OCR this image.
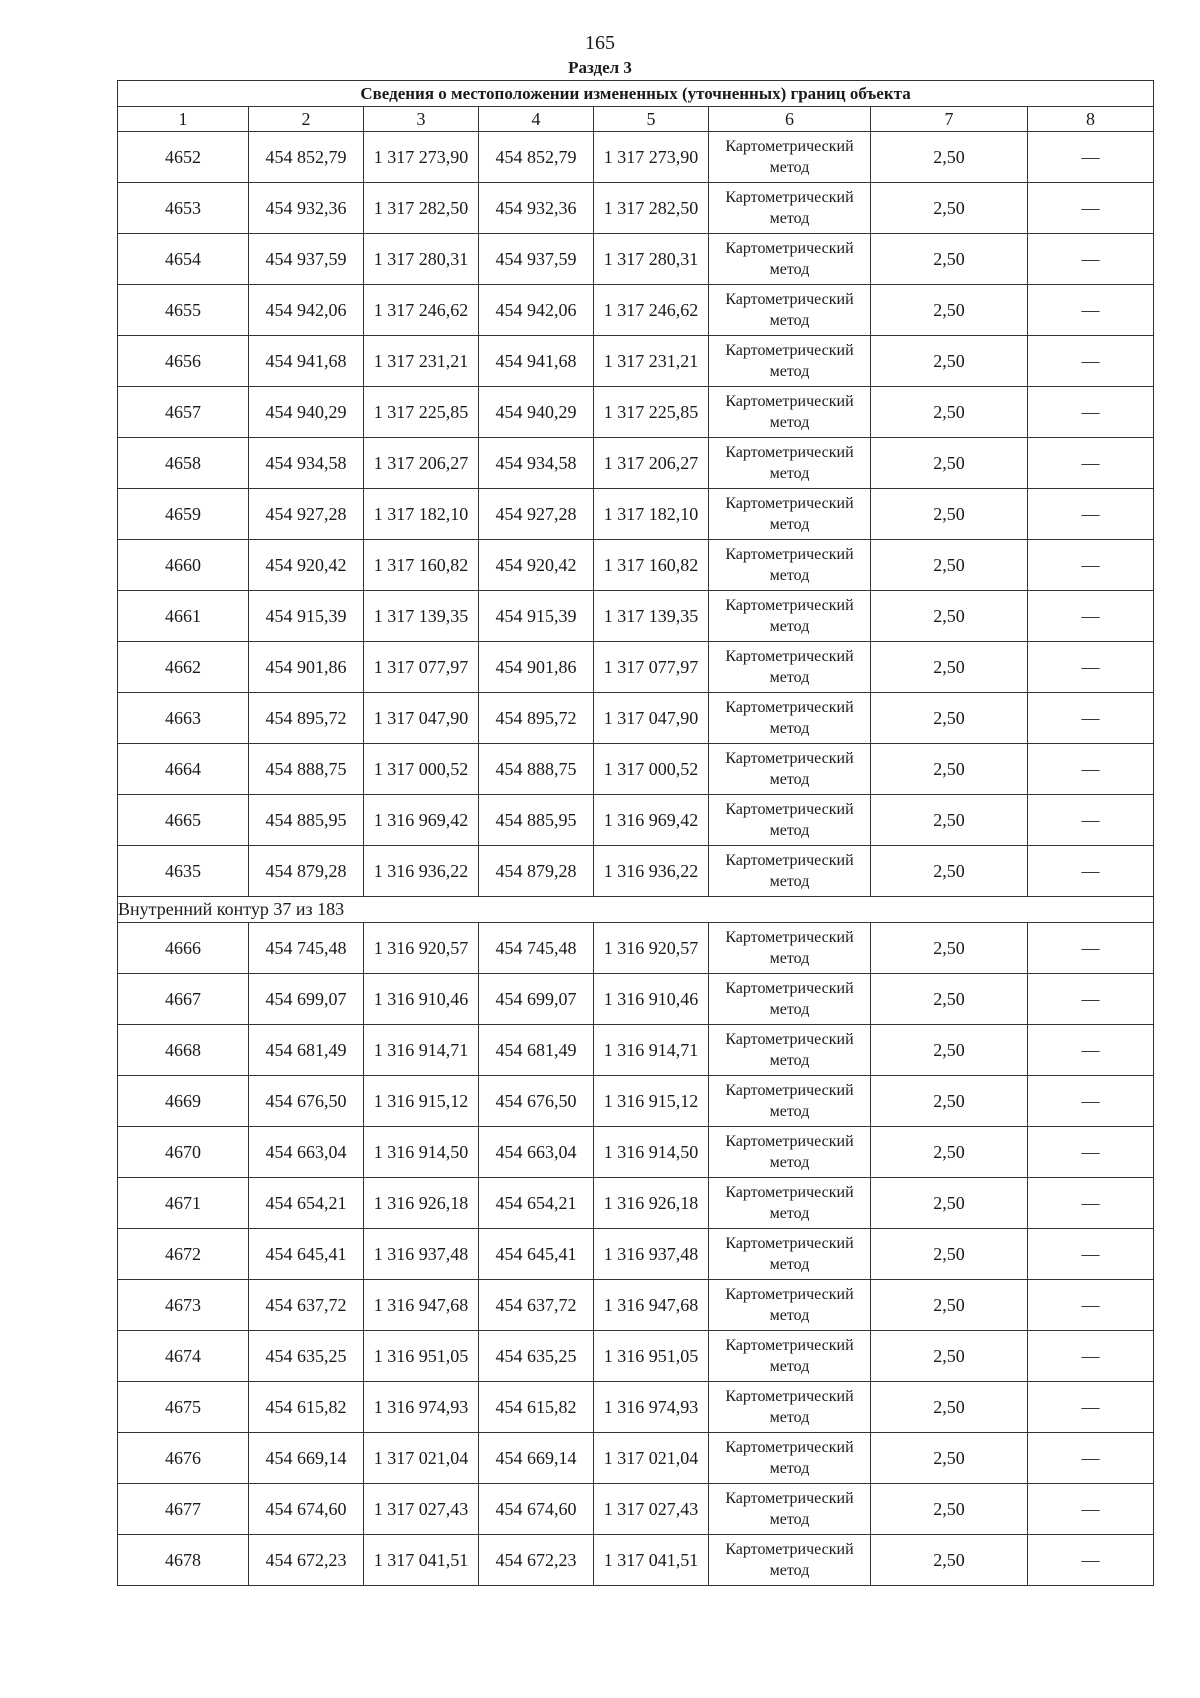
165
Раздел 3
Сведения о местоположении измененных (уточненных) границ объекта							
1	2	3	4	5	6	7	8
4652	454 852,79	1 317 273,90	454 852,79	1 317 273,90	Картометрический метод	2,50	—
4653	454 932,36	1 317 282,50	454 932,36	1 317 282,50	Картометрический метод	2,50	—
4654	454 937,59	1 317 280,31	454 937,59	1 317 280,31	Картометрический метод	2,50	—
4655	454 942,06	1 317 246,62	454 942,06	1 317 246,62	Картометрический метод	2,50	—
4656	454 941,68	1 317 231,21	454 941,68	1 317 231,21	Картометрический метод	2,50	—
4657	454 940,29	1 317 225,85	454 940,29	1 317 225,85	Картометрический метод	2,50	—
4658	454 934,58	1 317 206,27	454 934,58	1 317 206,27	Картометрический метод	2,50	—
4659	454 927,28	1 317 182,10	454 927,28	1 317 182,10	Картометрический метод	2,50	—
4660	454 920,42	1 317 160,82	454 920,42	1 317 160,82	Картометрический метод	2,50	—
4661	454 915,39	1 317 139,35	454 915,39	1 317 139,35	Картометрический метод	2,50	—
4662	454 901,86	1 317 077,97	454 901,86	1 317 077,97	Картометрический метод	2,50	—
4663	454 895,72	1 317 047,90	454 895,72	1 317 047,90	Картометрический метод	2,50	—
4664	454 888,75	1 317 000,52	454 888,75	1 317 000,52	Картометрический метод	2,50	—
4665	454 885,95	1 316 969,42	454 885,95	1 316 969,42	Картометрический метод	2,50	—
4635	454 879,28	1 316 936,22	454 879,28	1 316 936,22	Картометрический метод	2,50	—
Внутренний контур 37 из 183							
4666	454 745,48	1 316 920,57	454 745,48	1 316 920,57	Картометрический метод	2,50	—
4667	454 699,07	1 316 910,46	454 699,07	1 316 910,46	Картометрический метод	2,50	—
4668	454 681,49	1 316 914,71	454 681,49	1 316 914,71	Картометрический метод	2,50	—
4669	454 676,50	1 316 915,12	454 676,50	1 316 915,12	Картометрический метод	2,50	—
4670	454 663,04	1 316 914,50	454 663,04	1 316 914,50	Картометрический метод	2,50	—
4671	454 654,21	1 316 926,18	454 654,21	1 316 926,18	Картометрический метод	2,50	—
4672	454 645,41	1 316 937,48	454 645,41	1 316 937,48	Картометрический метод	2,50	—
4673	454 637,72	1 316 947,68	454 637,72	1 316 947,68	Картометрический метод	2,50	—
4674	454 635,25	1 316 951,05	454 635,25	1 316 951,05	Картометрический метод	2,50	—
4675	454 615,82	1 316 974,93	454 615,82	1 316 974,93	Картометрический метод	2,50	—
4676	454 669,14	1 317 021,04	454 669,14	1 317 021,04	Картометрический метод	2,50	—
4677	454 674,60	1 317 027,43	454 674,60	1 317 027,43	Картометрический метод	2,50	—
4678	454 672,23	1 317 041,51	454 672,23	1 317 041,51	Картометрический метод	2,50	—
